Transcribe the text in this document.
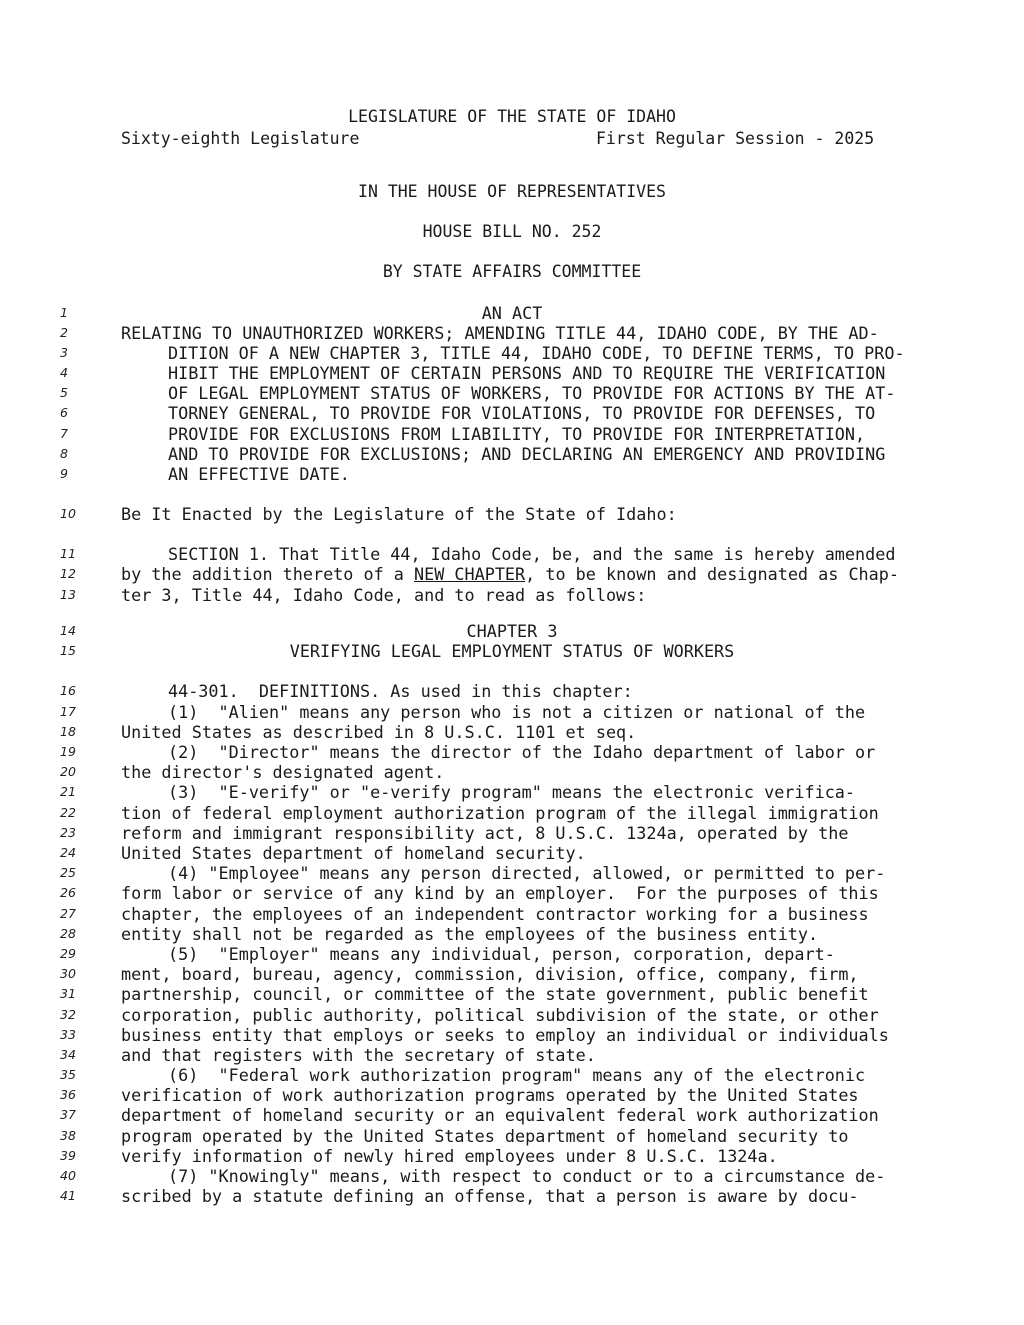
LEGISLATURE OF THE STATE OF IDAHO
Sixty-eighth Legislature	First Regular Session - 2025
IN THE HOUSE OF REPRESENTATIVES
HOUSE BILL NO. 252
BY STATE AFFAIRS COMMITTEE
1	AN ACT
2	RELATING TO UNAUTHORIZED WORKERS; AMENDING TITLE 44, IDAHO CODE, BY THE AD-
3	DITION OF A NEW CHAPTER 3, TITLE 44, IDAHO CODE, TO DEFINE TERMS, TO PRO-
4	HIBIT THE EMPLOYMENT OF CERTAIN PERSONS AND TO REQUIRE THE VERIFICATION
5	OF LEGAL EMPLOYMENT STATUS OF WORKERS, TO PROVIDE FOR ACTIONS BY THE AT-
6	TORNEY GENERAL, TO PROVIDE FOR VIOLATIONS, TO PROVIDE FOR DEFENSES, TO
7	PROVIDE FOR EXCLUSIONS FROM LIABILITY, TO PROVIDE FOR INTERPRETATION,
8	AND TO PROVIDE FOR EXCLUSIONS; AND DECLARING AN EMERGENCY AND PROVIDING
9	AN EFFECTIVE DATE.
10	Be It Enacted by the Legislature of the State of Idaho:
11	SECTION 1. That Title 44, Idaho Code, be, and the same is hereby amended
12	by the addition thereto of a NEW CHAPTER, to be known and designated as Chap-
13	ter 3, Title 44, Idaho Code, and to read as follows:
14	CHAPTER 3
15	VERIFYING LEGAL EMPLOYMENT STATUS OF WORKERS
16	44-301.  DEFINITIONS. As used in this chapter:
17	(1)  "Alien" means any person who is not a citizen or national of the
18	United States as described in 8 U.S.C. 1101 et seq.
19	(2)  "Director" means the director of the Idaho department of labor or
20	the director's designated agent.
21	(3)  "E-verify" or "e-verify program" means the electronic verifica-
22	tion of federal employment authorization program of the illegal immigration
23	reform and immigrant responsibility act, 8 U.S.C. 1324a, operated by the
24	United States department of homeland security.
25	(4) "Employee" means any person directed, allowed, or permitted to per-
26	form labor or service of any kind by an employer.  For the purposes of this
27	chapter, the employees of an independent contractor working for a business
28	entity shall not be regarded as the employees of the business entity.
29	(5)  "Employer" means any individual, person, corporation, depart-
30	ment, board, bureau, agency, commission, division, office, company, firm,
31	partnership, council, or committee of the state government, public benefit
32	corporation, public authority, political subdivision of the state, or other
33	business entity that employs or seeks to employ an individual or individuals
34	and that registers with the secretary of state.
35	(6)  "Federal work authorization program" means any of the electronic
36	verification of work authorization programs operated by the United States
37	department of homeland security or an equivalent federal work authorization
38	program operated by the United States department of homeland security to
39	verify information of newly hired employees under 8 U.S.C. 1324a.
40	(7) "Knowingly" means, with respect to conduct or to a circumstance de-
41	scribed by a statute defining an offense, that a person is aware by docu-
